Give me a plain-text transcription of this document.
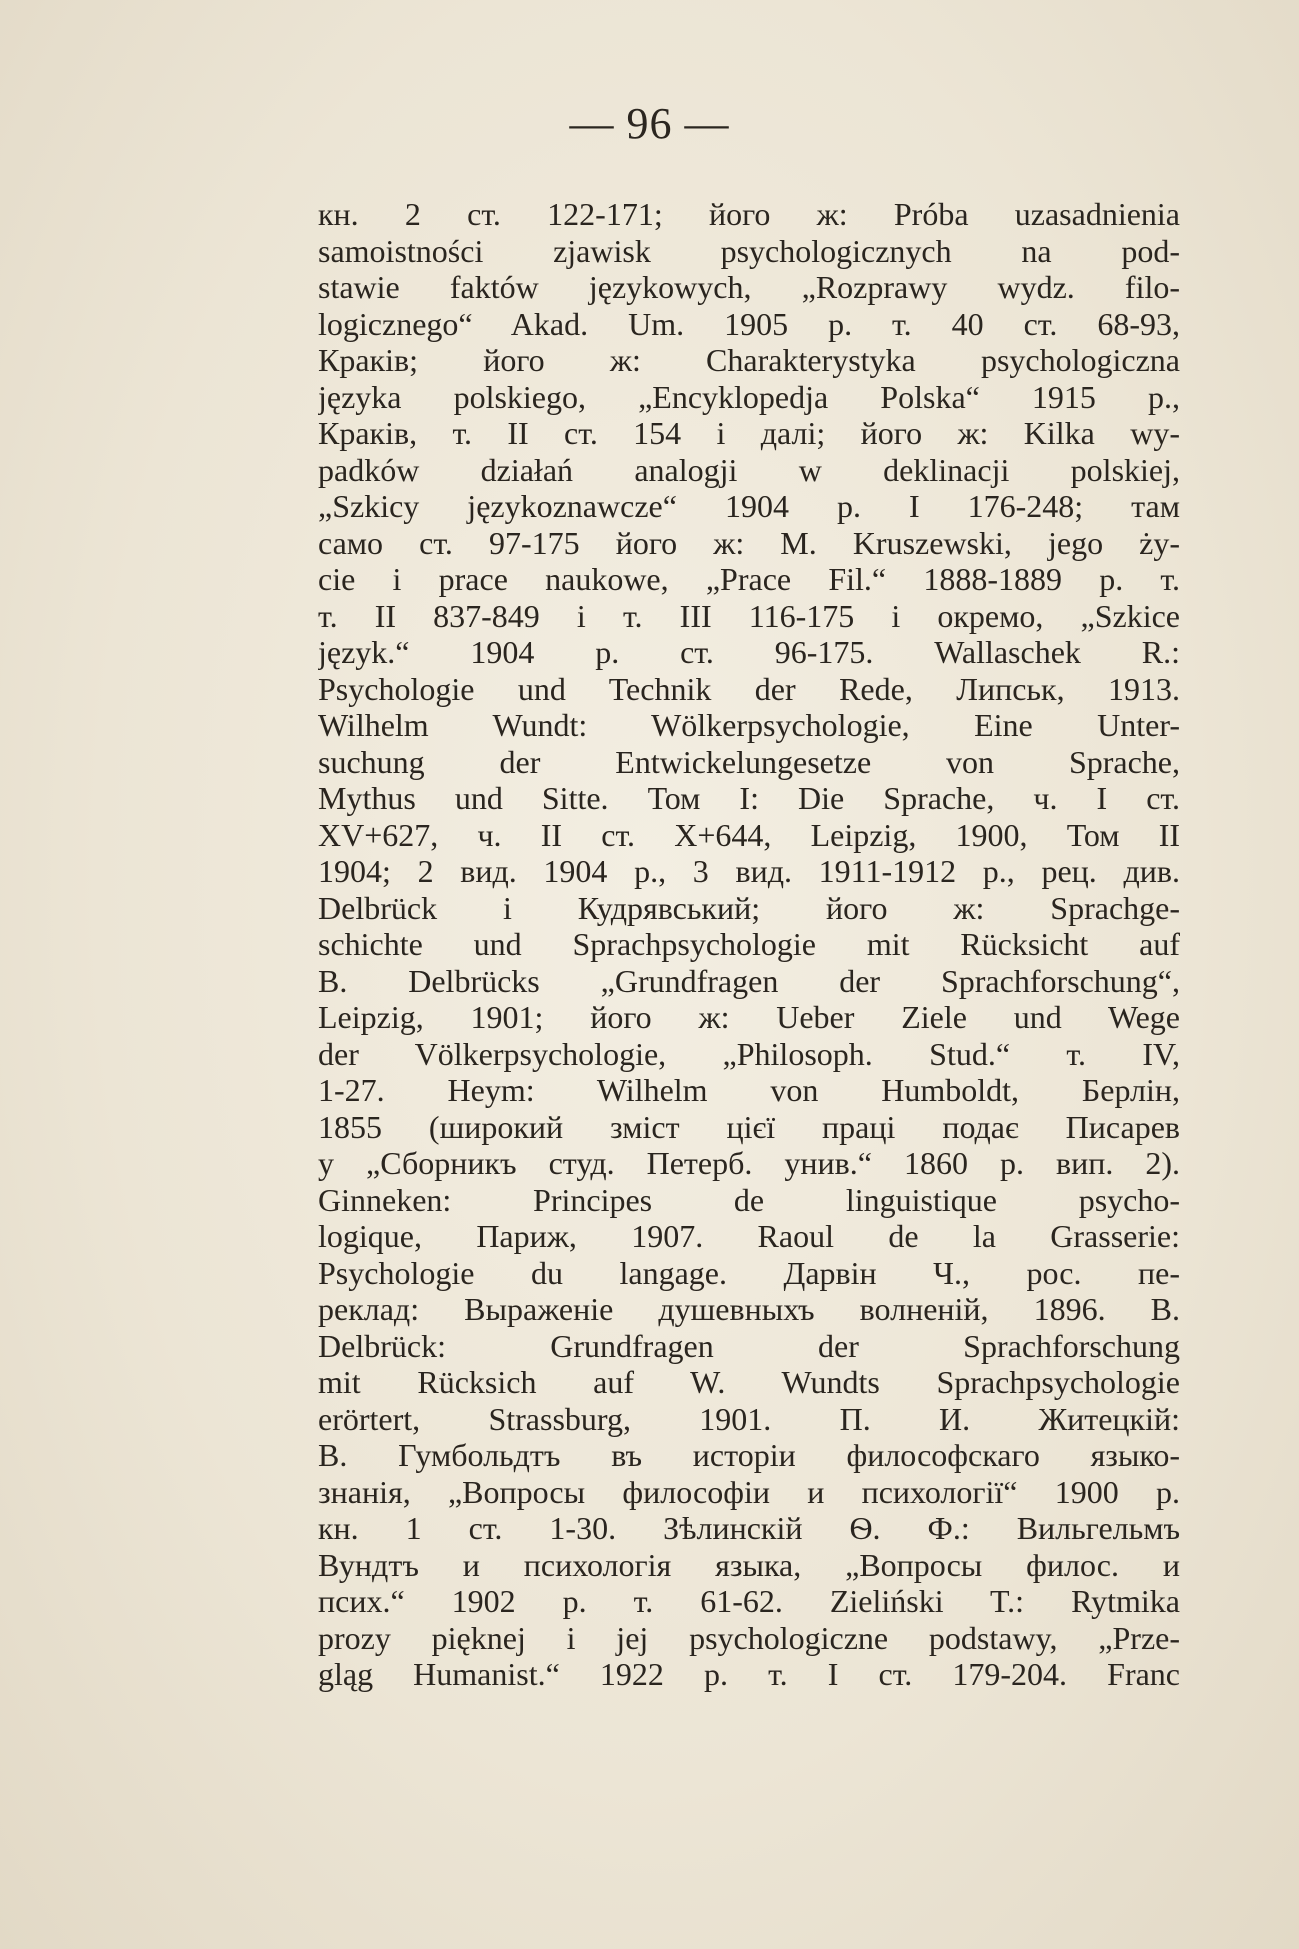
— 96 —
кн. 2 ст. 122-171; його ж: Próba uzasadnienia
samoistności zjawisk psychologicznych na pod-
stawie faktów językowych, „Rozprawy wydz. filo-
logicznego“ Akad. Um. 1905 р. т. 40 ст. 68-93,
Краків; його ж: Charakterystyka psychologiczna
języka polskiego, „Encyklopedja Polska“ 1915 р.,
Краків, т. II ст. 154 і далі; його ж: Kilka wy-
padków działań analogji w deklinacji polskiej,
„Szkicy językoznawcze“ 1904 р. I 176-248; там
само ст. 97-175 його ж: M. Kruszewski, jego ży-
cie i prace naukowe, „Prace Fil.“ 1888-1889 р. т.
т. II 837-849 і т. III 116-175 і окремо, „Szkice
język.“ 1904 р. ст. 96-175. Wallaschek R.:
Psychologie und Technik der Rede, Липськ, 1913.
Wilhelm Wundt: Wölkerpsychologie, Eine Unter-
suchung der Entwickelungesetze von Sprache,
Mythus und Sitte. Том I: Die Sprache, ч. I ст.
XV+627, ч. II ст. X+644, Leipzig, 1900, Том II
1904; 2 вид. 1904 р., 3 вид. 1911-1912 р., рец. див.
Delbrück і Кудрявський; його ж: Sprachge-
schichte und Sprachpsychologie mit Rücksicht auf
B. Delbrücks „Grundfragen der Sprachforschung“,
Leipzig, 1901; його ж: Ueber Ziele und Wege
der Völkerpsychologie, „Philosoph. Stud.“ т. IV,
1-27. Heym: Wilhelm von Humboldt, Берлін,
1855 (широкий зміст цієї праці подає Писарев
у „Сборникъ студ. Петерб. унив.“ 1860 р. вип. 2).
Ginneken: Principes de linguistique psycho-
logique, Париж, 1907. Raoul de la Grasserie:
Psychologie du langage. Дарвін Ч., рос. пе-
реклад: Выраженіе душевныхъ волненій, 1896. B.
Delbrück: Grundfragen der Sprachforschung
mit Rücksich auf W. Wundts Sprachpsychologie
erörtert, Strassburg, 1901. П. И. Житецкій:
В. Гумбольдтъ въ исторіи философскаго языко-
знанія, „Вопросы философіи и психології“ 1900 р.
кн. 1 ст. 1-30. Зѣлинскій Ѳ. Ф.: Вильгельмъ
Вундтъ и психологія языка, „Вопросы филос. и
псих.“ 1902 р. т. 61-62. Zieliński T.: Rytmika
prozy pięknej i jej psychologiczne podstawy, „Prze-
gląg Humanist.“ 1922 р. т. I ст. 179-204. Franc
